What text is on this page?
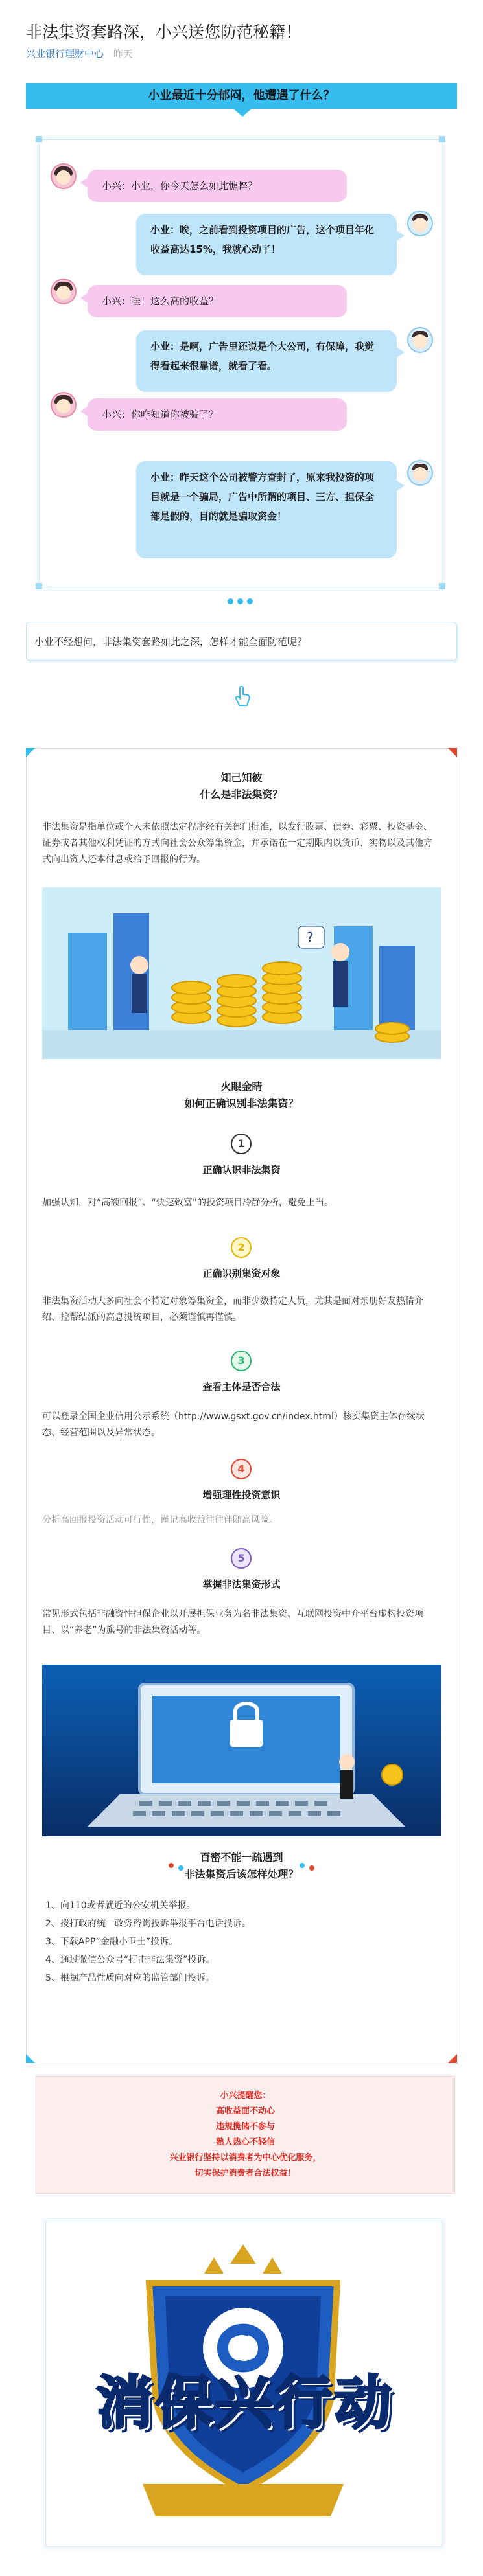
非法集资套路深，小兴送您防范秘籍！
兴业银行理财中心 昨天
小业最近十分郁闷，他遭遇了什么？
小兴：小业，你今天怎么如此憔悴？
小业：唉，之前看到投资项目的广告，这个项目年化收益高达15%，我就心动了！
小兴：哇！这么高的收益？
小业：是啊，广告里还说是个大公司，有保障，我觉得看起来很靠谱，就看了看。
小兴：你咋知道你被骗了？
小业：昨天这个公司被警方查封了，原来我投资的项目就是一个骗局，广告中所谓的项目、三方、担保全部是假的，目的就是骗取资金！
小业不经想问，非法集资套路如此之深，怎样才能全面防范呢？
知己知彼
什么是非法集资？
非法集资是指单位或个人未依照法定程序经有关部门批准，以发行股票、债券、彩票、投资基金、证券或者其他权利凭证的方式向社会公众筹集资金，并承诺在一定期限内以货币、实物以及其他方式向出资人还本付息或给予回报的行为。
?
火眼金睛
如何正确识别非法集资？
1
正确认识非法集资
加强认知，对“高额回报”、“快速致富”的投资项目冷静分析，避免上当。
2
正确识别集资对象
非法集资活动大多向社会不特定对象筹集资金，而非少数特定人员，尤其是面对亲朋好友热情介绍、控帮结派的高息投资项目，必须谨慎再谨慎。
3
查看主体是否合法
可以登录全国企业信用公示系统（http://www.gsxt.gov.cn/index.html）核实集资主体存续状态、经营范围以及异常状态。
4
增强理性投资意识
分析高回报投资活动可行性，谨记高收益往往伴随高风险。
5
掌握非法集资形式
常见形式包括非融资性担保企业以开展担保业务为名非法集资、互联网投资中介平台虚构投资项目、以“养老”为旗号的非法集资活动等。
百密不能一疏遇到
非法集资后该怎样处理？
1、向110或者就近的公安机关举报。
2、拨打政府统一政务咨询投诉举报平台电话投诉。
3、下载APP“金融小卫士”投诉。
4、通过微信公众号“打击非法集资”投诉。
5、根据产品性质向对应的监管部门投诉。
小兴提醒您：
高收益面不动心
违规揽储不参与
熟人热心不轻信
兴业银行坚持以消费者为中心优化服务，
切实保护消费者合法权益！
消保兴行动
